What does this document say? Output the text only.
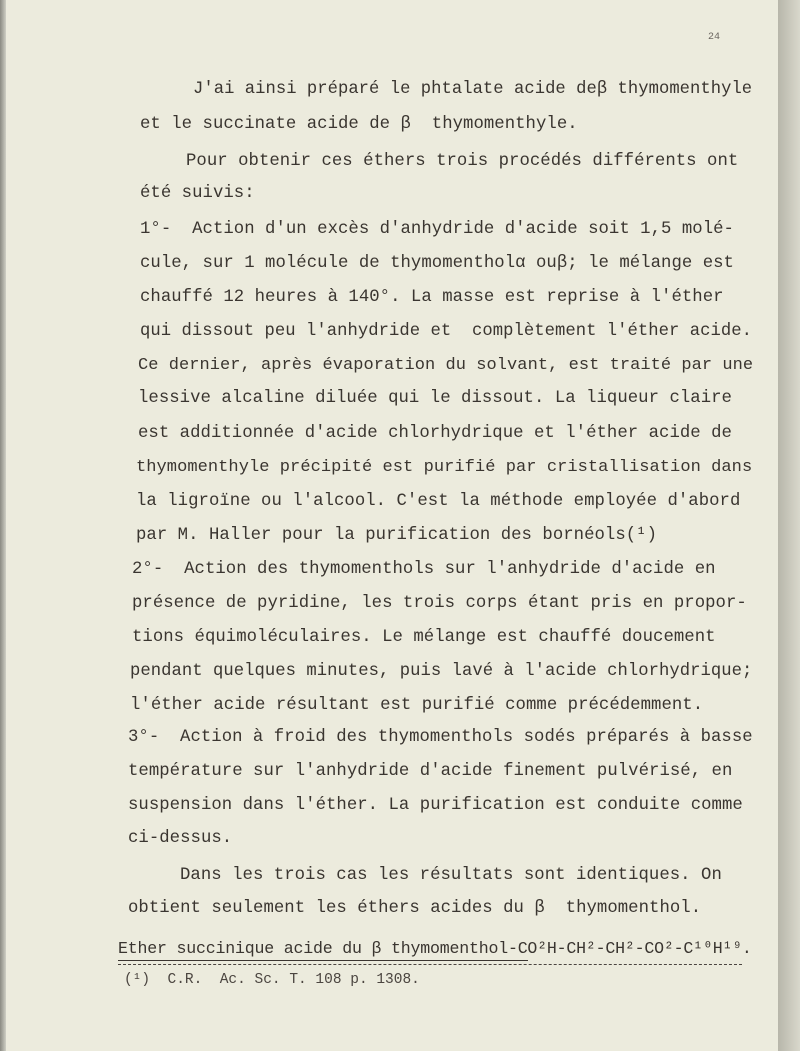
24
J'ai ainsi préparé le phtalate acide deβ thymomenthyle
et le succinate acide de β  thymomenthyle.
Pour obtenir ces éthers trois procédés différents ont
été suivis:
1°-  Action d'un excès d'anhydride d'acide soit 1,5 molé-
cule, sur 1 molécule de thymomentholα ouβ; le mélange est
chauffé 12 heures à 140°. La masse est reprise à l'éther
qui dissout peu l'anhydride et  complètement l'éther acide.
Ce dernier, après évaporation du solvant, est traité par une
lessive alcaline diluée qui le dissout. La liqueur claire
est additionnée d'acide chlorhydrique et l'éther acide de
thymomenthyle précipité est purifié par cristallisation dans
la ligroïne ou l'alcool. C'est la méthode employée d'abord
par M. Haller pour la purification des bornéols(¹)
2°-  Action des thymomenthols sur l'anhydride d'acide en
présence de pyridine, les trois corps étant pris en propor-
tions équimoléculaires. Le mélange est chauffé doucement
pendant quelques minutes, puis lavé à l'acide chlorhydrique;
l'éther acide résultant est purifié comme précédemment.
3°-  Action à froid des thymomenthols sodés préparés à basse
température sur l'anhydride d'acide finement pulvérisé, en
suspension dans l'éther. La purification est conduite comme
ci-dessus.
Dans les trois cas les résultats sont identiques. On
obtient seulement les éthers acides du β  thymomenthol.
Ether succinique acide du β thymomenthol-CO²H-CH²-CH²-CO²-C¹⁰H¹⁹.
(¹)  C.R.  Ac. Sc. T. 108 p. 1308.
